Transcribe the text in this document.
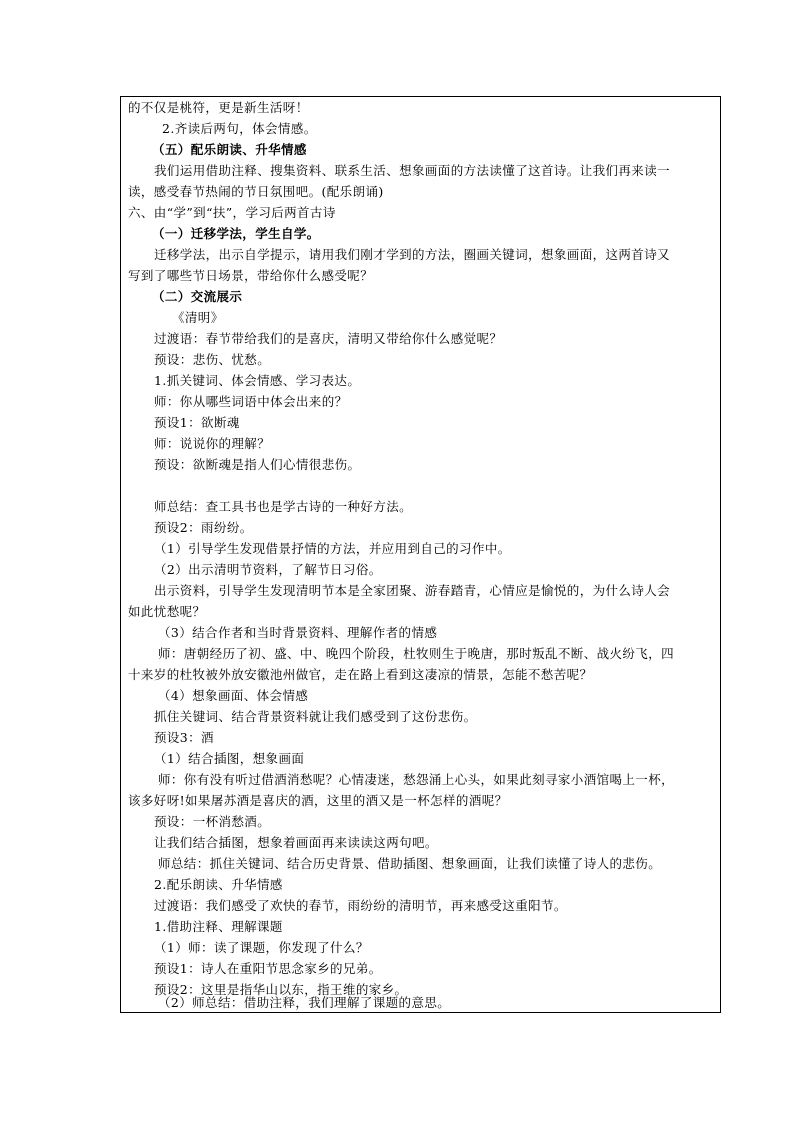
的不仅是桃符，更是新生活呀！
2.齐读后两句，体会情感。
（五）配乐朗读、升华情感
我们运用借助注释、搜集资料、联系生活、想象画面的方法读懂了这首诗。让我们再来读一
读，感受春节热闹的节日氛围吧。(配乐朗诵)
六、由“学”到“扶”，学习后两首古诗
（一）迁移学法，学生自学。
迁移学法，出示自学提示，请用我们刚才学到的方法，圈画关键词，想象画面，这两首诗又
写到了哪些节日场景，带给你什么感受呢？
（二）交流展示
《清明》
过渡语：春节带给我们的是喜庆，清明又带给你什么感觉呢？
预设：悲伤、忧愁。
1.抓关键词、体会情感、学习表达。
师：你从哪些词语中体会出来的？
预设1：欲断魂
师：说说你的理解？
预设：欲断魂是指人们心情很悲伤。
师总结：查工具书也是学古诗的一种好方法。
预设2：雨纷纷。
（1）引导学生发现借景抒情的方法，并应用到自己的习作中。
（2）出示清明节资料，了解节日习俗。
出示资料，引导学生发现清明节本是全家团聚、游春踏青，心情应是愉悦的，为什么诗人会
如此忧愁呢？
（3）结合作者和当时背景资料、理解作者的情感
师：唐朝经历了初、盛、中、晚四个阶段，杜牧则生于晚唐，那时叛乱不断、战火纷飞，四
十来岁的杜牧被外放安徽池州做官，走在路上看到这凄凉的情景，怎能不愁苦呢？
（4）想象画面、体会情感
抓住关键词、结合背景资料就让我们感受到了这份悲伤。
预设3：酒
（1）结合插图，想象画面
师：你有没有听过借酒消愁呢？心情凄迷，愁怨涌上心头，如果此刻寻家小酒馆喝上一杯，
该多好呀!如果屠苏酒是喜庆的酒，这里的酒又是一杯怎样的酒呢？
预设：一杯消愁酒。
让我们结合插图，想象着画面再来读读这两句吧。
师总结：抓住关键词、结合历史背景、借助插图、想象画面，让我们读懂了诗人的悲伤。
2.配乐朗读、升华情感
过渡语：我们感受了欢快的春节，雨纷纷的清明节，再来感受这重阳节。
1.借助注释、理解课题
（1）师：读了课题，你发现了什么？
预设1：诗人在重阳节思念家乡的兄弟。
预设2：这里是指华山以东，指王维的家乡。
（2）师总结：借助注释，我们理解了课题的意思。
